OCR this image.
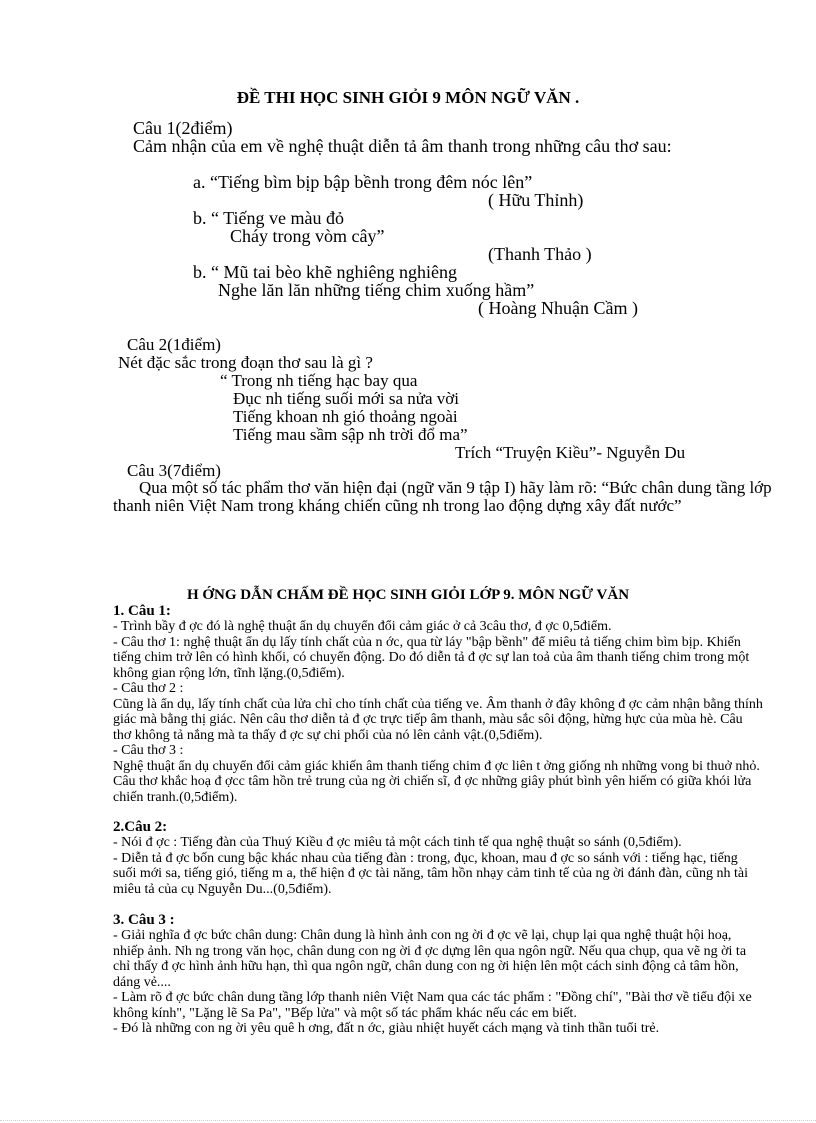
ĐỀ THI HỌC SINH GIỎI 9 MÔN NGỮ VĂN .
Câu 1(2điểm)
Cảm nhận của em về nghệ thuật diễn tả âm thanh trong những câu thơ sau:
a. “Tiếng bìm bịp bập bềnh trong đêm nóc lên”
( Hữu Thỉnh)
b. “ Tiếng ve màu đỏ
Cháy trong vòm cây”
(Thanh Thảo )
b. “ Mũ tai bèo khẽ nghiêng nghiêng
Nghe lăn lăn những tiếng chim xuống hầm”
( Hoàng Nhuận Cầm )
Câu 2(1điểm)
Nét đặc sắc trong đoạn thơ sau là gì ?
“ Trong nh tiếng hạc bay qua
Đục nh tiếng suối mới sa nửa vời
Tiếng khoan nh gió thoảng ngoài
Tiếng mau sầm sập nh trời đổ ma”
Trích “Truyện Kiều”- Nguyễn Du
Câu 3(7điểm)
Qua một số tác phẩm thơ văn hiện đại (ngữ văn 9 tập I) hãy làm rõ: “Bức chân dung tầng lớp thanh niên Việt Nam trong kháng chiến cũng nh trong lao động dựng xây đất nước”
H ỚNG DẪN CHẤM ĐỀ HỌC SINH GIỎI LỚP 9. MÔN NGỮ VĂN
1. Câu 1:

- Trình bầy đ ợc đó là nghệ thuật ẩn dụ chuyển đổi cảm giác ở cả 3câu thơ, đ ợc 0,5điểm.

- Câu thơ 1: nghệ thuật ẩn dụ lấy tính chất của n ớc, qua từ láy "bập bềnh" để miêu tả tiếng chim bìm bịp. Khiến tiếng chim trở lên có hình khối, có chuyển động. Do đó diễn tả đ ợc sự lan toả của âm thanh tiếng chim trong một không gian rộng lớn, tĩnh lặng.(0,5điểm).

- Câu thơ 2 :

Cũng là ẩn dụ, lấy tính chất của lửa chỉ cho tính chất của tiếng ve. Âm thanh ở đây không đ ợc cảm nhận bằng thính giác mà bằng thị giác. Nên câu thơ diễn tả đ ợc trực tiếp âm thanh, màu sắc sôi động, hừng hực của mùa hè. Câu thơ không tả nắng mà ta thấy đ ợc sự chi phối của nó lên cảnh vật.(0,5điểm).

- Câu thơ 3 :

Nghệ thuật ẩn dụ chuyển đổi cảm giác khiến âm thanh tiếng chim đ ợc liên t ởng giống nh những vong bi thuở nhỏ. Câu thơ khắc hoạ đ ợcc tâm hồn trẻ trung của ng ời chiến sĩ, đ ợc những giây phút bình yên hiếm có giữa khói lửa chiến tranh.(0,5điểm).

2.Câu 2:

- Nói đ ợc : Tiếng đàn của Thuý Kiều đ ợc miêu tả một cách tinh tế qua nghệ thuật so sánh (0,5điểm).

- Diễn tả đ ợc bốn cung bậc khác nhau của tiếng đàn : trong, đục, khoan, mau đ ợc so sánh với : tiếng hạc, tiếng suối mới sa, tiếng gió, tiếng m a, thể hiện đ ợc tài năng, tâm hồn nhạy cảm tinh tế của ng ời đánh đàn, cũng nh tài miêu tả của cụ Nguyễn Du...(0,5điểm).

3. Câu 3 :

- Giải nghĩa đ ợc bức chân dung: Chân dung là hình ảnh con ng ời đ ợc vẽ lại, chụp lại qua nghệ thuật hội hoạ, nhiếp ảnh. Nh ng trong văn học, chân dung con ng ời đ ợc dựng lên qua ngôn ngữ. Nếu qua chụp, qua vẽ ng ời ta chỉ thấy đ ợc hình ảnh hữu hạn, thì qua ngôn ngữ, chân dung con ng ời hiện lên một cách sinh động cả tâm hồn, dáng vẻ....

- Làm rõ đ ợc bức chân dung tầng lớp thanh niên Việt Nam qua các tác phẩm : "Đồng chí", "Bài thơ về tiểu đội xe không kính", "Lặng lẽ Sa Pa", "Bếp lửa" và một số tác phẩm khác nếu các em biết.

- Đó là những con ng ời yêu quê h ơng, đất n ớc, giàu nhiệt huyết cách mạng và tinh thần tuổi trẻ.
